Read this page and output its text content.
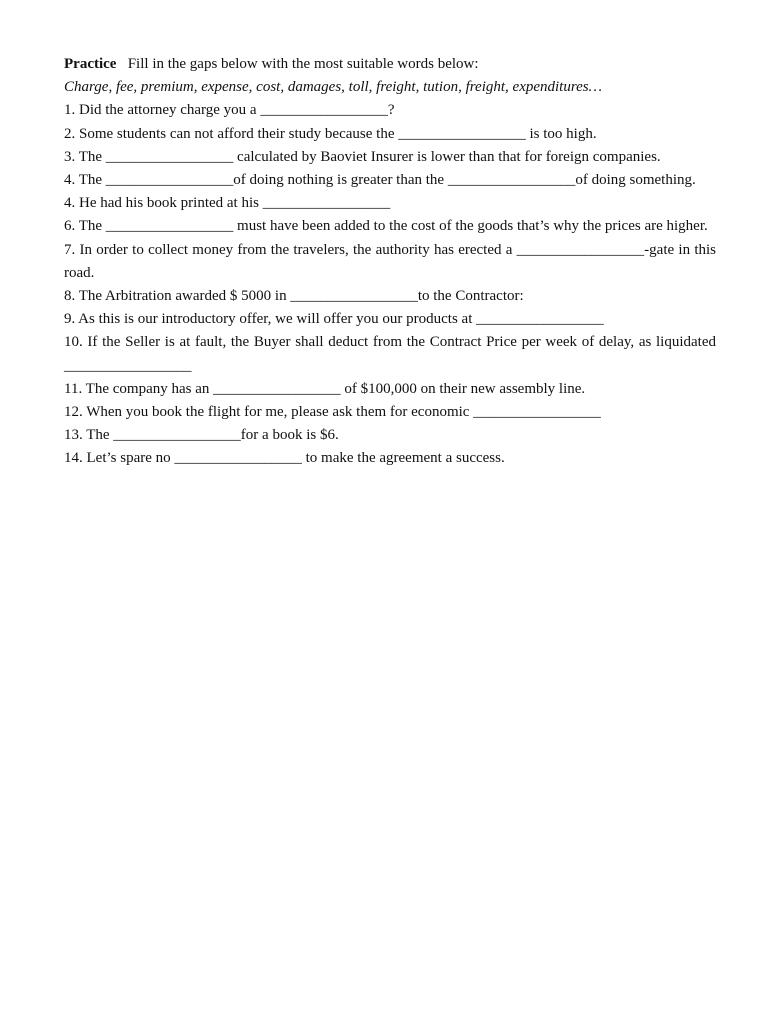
Practice Fill in the gaps below with the most suitable words below:
Charge, fee, premium, expense, cost, damages, toll, freight, tution, freight, expenditures…
1. Did the attorney charge you a _________________?
2. Some students can not afford their study because the _________________ is too high.
3. The _________________ calculated by Baoviet Insurer is lower than that for foreign companies.
4. The _________________of doing nothing is greater than the _________________of doing something.
4. He had his book printed at his _________________
6. The _________________ must have been added to the cost of the goods that’s why the prices are higher.
7. In order to collect money from the travelers, the authority has erected a _________________-gate in this road.
8. The Arbitration awarded $ 5000 in _________________to the Contractor:
9. As this is our introductory offer, we will offer you our products at _________________
10. If the Seller is at fault, the Buyer shall deduct from the Contract Price per week of delay, as liquidated _________________
11. The company has an _________________ of $100,000 on their new assembly line.
12. When you book the flight for me, please ask them for economic _________________
13. The _________________for a book is $6.
14. Let’s spare no _________________ to make the agreement a success.
